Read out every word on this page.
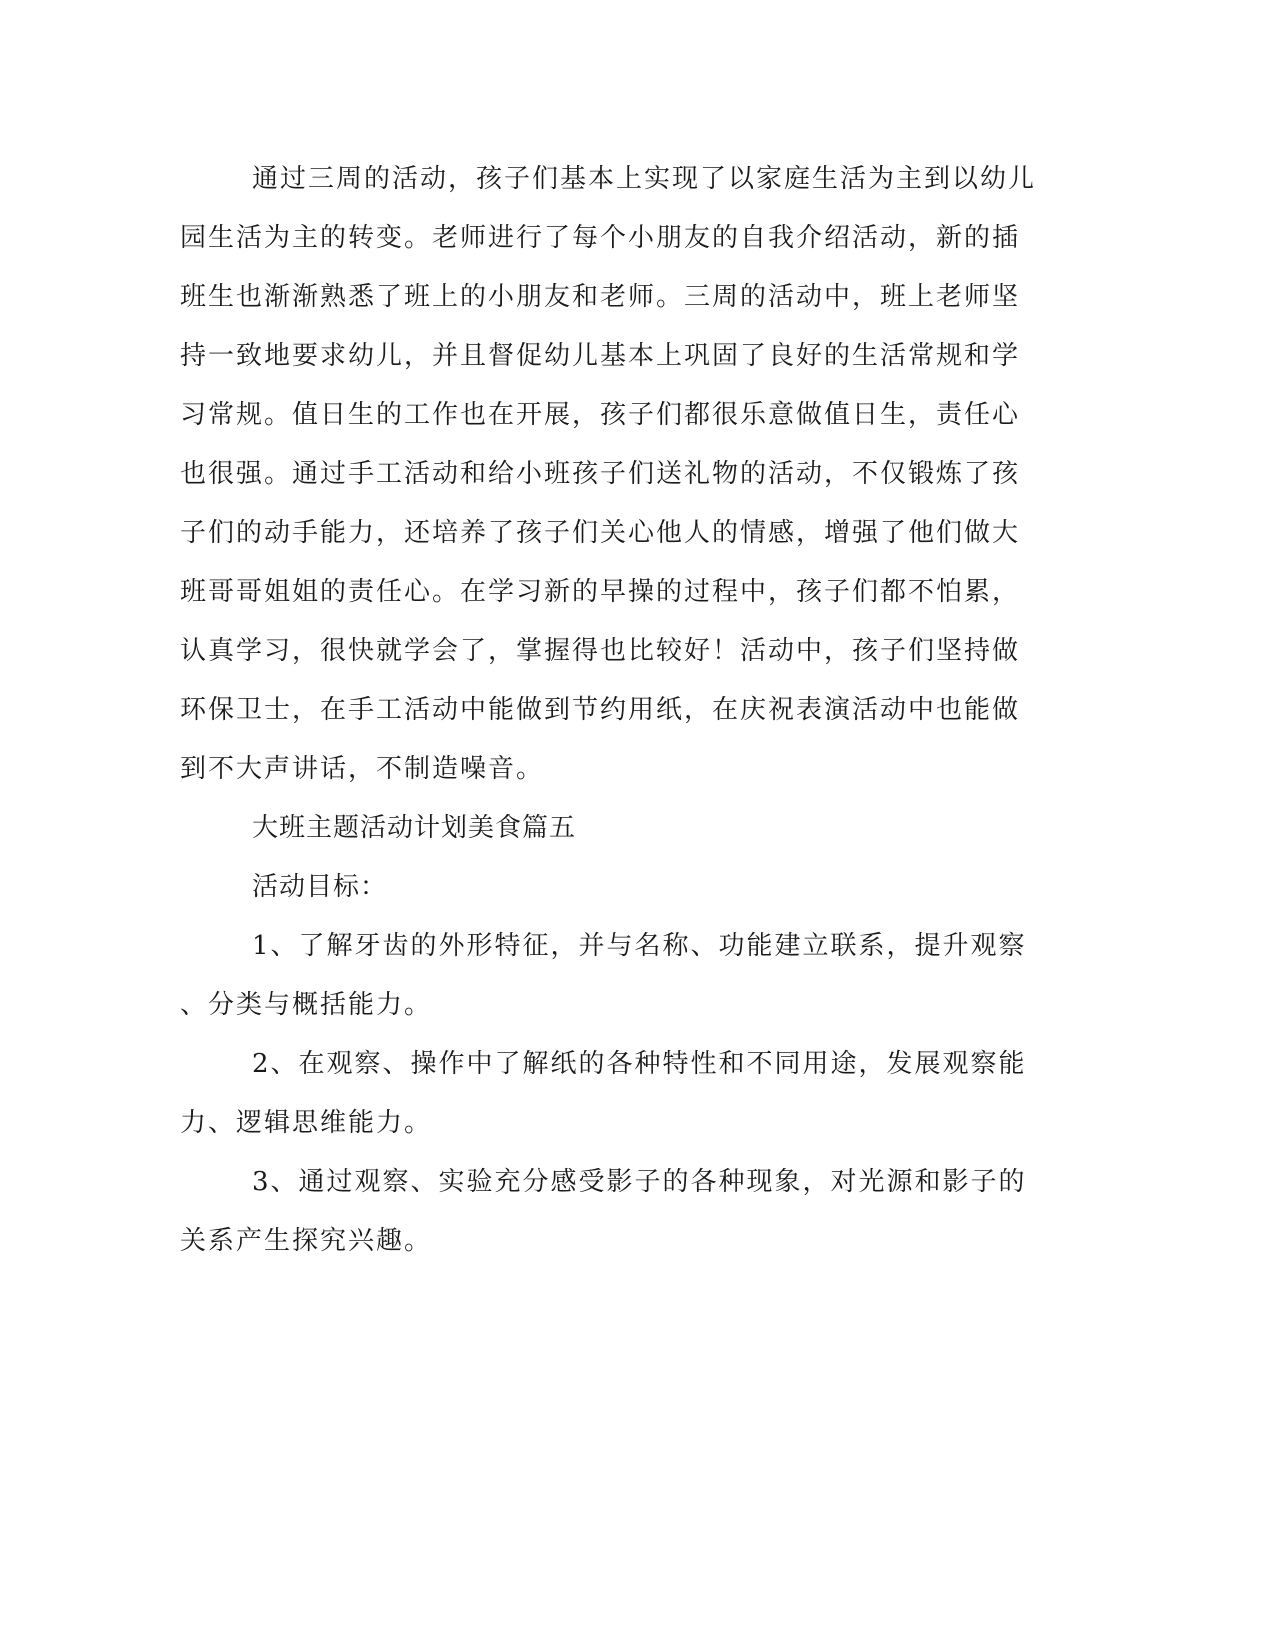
通过三周的活动，孩子们基本上实现了以家庭生活为主到以幼儿
园生活为主的转变。老师进行了每个小朋友的自我介绍活动，新的插
班生也渐渐熟悉了班上的小朋友和老师。三周的活动中，班上老师坚
持一致地要求幼儿，并且督促幼儿基本上巩固了良好的生活常规和学
习常规。值日生的工作也在开展，孩子们都很乐意做值日生，责任心
也很强。通过手工活动和给小班孩子们送礼物的活动，不仅锻炼了孩
子们的动手能力，还培养了孩子们关心他人的情感，增强了他们做大
班哥哥姐姐的责任心。在学习新的早操的过程中，孩子们都不怕累，
认真学习，很快就学会了，掌握得也比较好！活动中，孩子们坚持做
环保卫士，在手工活动中能做到节约用纸，在庆祝表演活动中也能做
到不大声讲话，不制造噪音。
大班主题活动计划美食篇五
活动目标：
1、了解牙齿的外形特征，并与名称、功能建立联系，提升观察
、分类与概括能力。
2、在观察、操作中了解纸的各种特性和不同用途，发展观察能
力、逻辑思维能力。
3、通过观察、实验充分感受影子的各种现象，对光源和影子的
关系产生探究兴趣。
